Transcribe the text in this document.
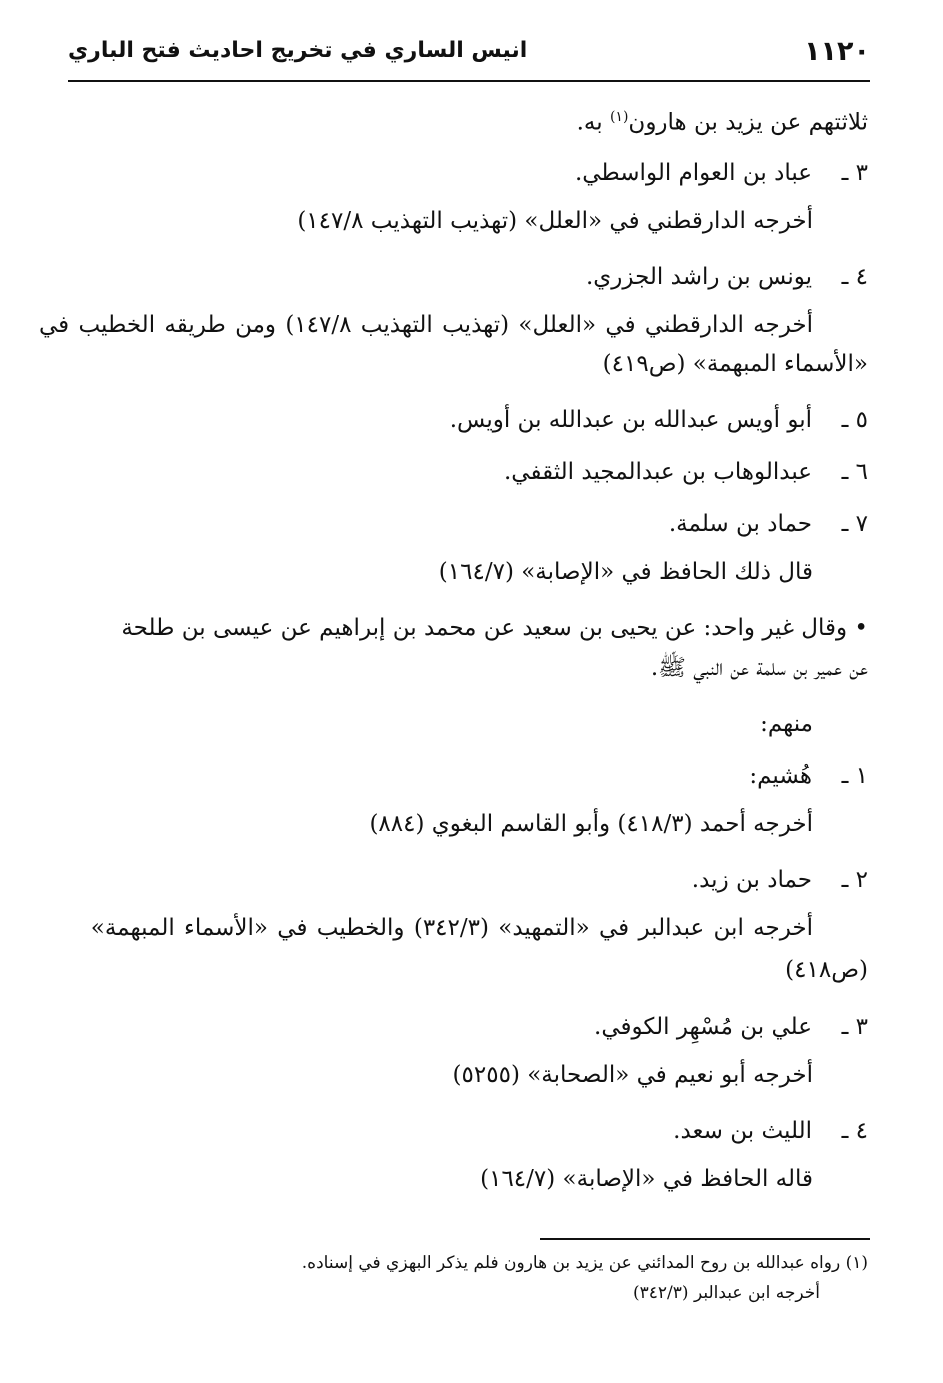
١١٢٠
انيس الساري في تخريج احاديث فتح الباري
ثلاثتهم عن يزيد بن هارون$^{(١)}$ به.
٣ ـعباد بن العوام الواسطي.
أخرجه الدارقطني في «العلل» (تهذيب التهذيب ١٤٧/٨)
٤ ـيونس بن راشد الجزري.
أخرجه الدارقطني في «العلل» (تهذيب التهذيب ١٤٧/٨) ومن طريقه الخطيب في
«الأسماء المبهمة» (ص٤١٩)
٥ ـأبو أويس عبدالله بن عبدالله بن أويس.
٦ ـعبدالوهاب بن عبدالمجيد الثقفي.
٧ ـحماد بن سلمة.
قال ذلك الحافظ في «الإصابة» (١٦٤/٧)
• وقال غير واحد: عن يحيى بن سعيد عن محمد بن إبراهيم عن عيسى بن طلحة
عن عمير بن سلمة عن النبي ﷺ.
منهم:
١ ـهُشيم:
أخرجه أحمد (٤١٨/٣) وأبو القاسم البغوي (٨٨٤)
٢ ـحماد بن زيد.
أخرجه ابن عبدالبر في «التمهيد» (٣٤٢/٣) والخطيب في «الأسماء المبهمة»
(ص٤١٨)
٣ ـعلي بن مُسْهِر الكوفي.
أخرجه أبو نعيم في «الصحابة» (٥٢٥٥)
٤ ـالليث بن سعد.
قاله الحافظ في «الإصابة» (١٦٤/٧)
(١) رواه عبدالله بن روح المدائني عن يزيد بن هارون فلم يذكر البهزي في إسناده.
أخرجه ابن عبدالبر (٣٤٢/٣)
